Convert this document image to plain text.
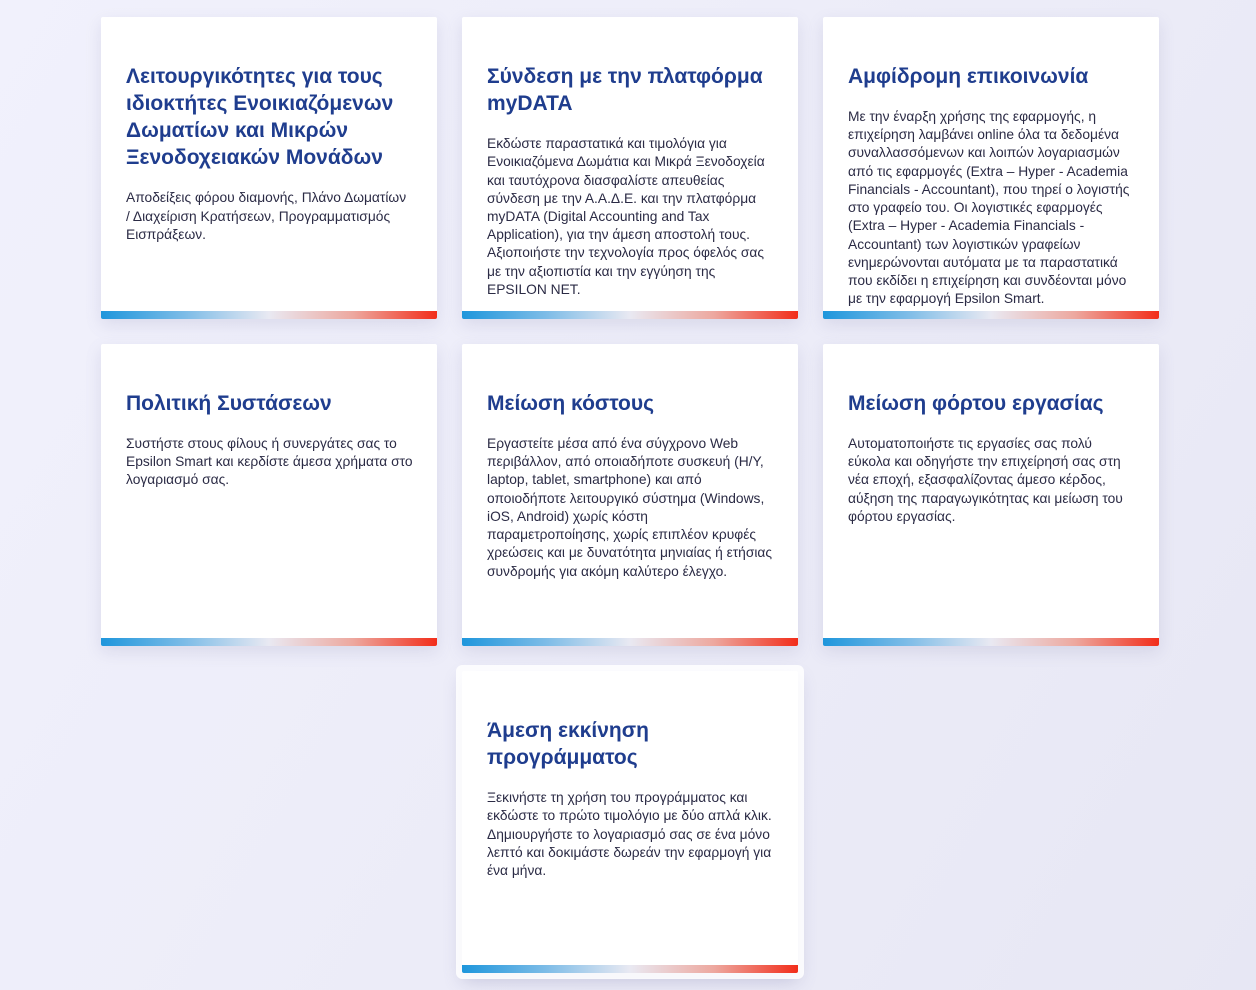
Λειτουργικότητες για τους ιδιοκτήτες Ενοικιαζόμενων Δωματίων και Μικρών Ξενοδοχειακών Μονάδων

Αποδείξεις φόρου διαμονής, Πλάνο Δωματίων / Διαχείριση Κρατήσεων, Προγραμματισμός Εισπράξεων.

Σύνδεση με την πλατφόρμα myDATA

Εκδώστε παραστατικά και τιμολόγια για Ενοικιαζόμενα Δωμάτια και Μικρά Ξενοδοχεία και ταυτόχρονα διασφαλίστε απευθείας σύνδεση με την Α.Α.Δ.Ε. και την πλατφόρμα myDATA (Digital Accounting and Tax Application), για την άμεση αποστολή τους. Αξιοποιήστε την τεχνολογία προς όφελός σας με την αξιοπιστία και την εγγύηση της EPSILON NET.

Αμφίδρομη επικοινωνία

Με την έναρξη χρήσης της εφαρμογής, η επιχείρηση λαμβάνει online όλα τα δεδομένα συναλλασσόμενων και λοιπών λογαριασμών από τις εφαρμογές (Extra – Hyper - Academia Financials - Accountant), που τηρεί ο λογιστής στο γραφείο του. Οι λογιστικές εφαρμογές (Extra – Hyper - Academia Financials - Accountant) των λογιστικών γραφείων ενημερώνονται αυτόματα με τα παραστατικά που εκδίδει η επιχείρηση και συνδέονται μόνο με την εφαρμογή Epsilon Smart.

Πολιτική Συστάσεων

Συστήστε στους φίλους ή συνεργάτες σας το Epsilon Smart και κερδίστε άμεσα χρήματα στο λογαριασμό σας.

Μείωση κόστους

Εργαστείτε μέσα από ένα σύγχρονο Web περιβάλλον, από οποιαδήποτε συσκευή (Η/Υ, laptop, tablet, smartphone) και από οποιοδήποτε λειτουργικό σύστημα (Windows, iOS, Android) χωρίς κόστη παραμετροποίησης, χωρίς επιπλέον κρυφές χρεώσεις και με δυνατότητα μηνιαίας ή ετήσιας συνδρομής για ακόμη καλύτερο έλεγχο.

Μείωση φόρτου εργασίας

Αυτοματοποιήστε τις εργασίες σας πολύ εύκολα και οδηγήστε την επιχείρησή σας στη νέα εποχή, εξασφαλίζοντας άμεσο κέρδος, αύξηση της παραγωγικότητας και μείωση του φόρτου εργασίας.

Άμεση εκκίνηση προγράμματος

Ξεκινήστε τη χρήση του προγράμματος και εκδώστε το πρώτο τιμολόγιο με δύο απλά κλικ. Δημιουργήστε το λογαριασμό σας σε ένα μόνο λεπτό και δοκιμάστε δωρεάν την εφαρμογή για ένα μήνα.
